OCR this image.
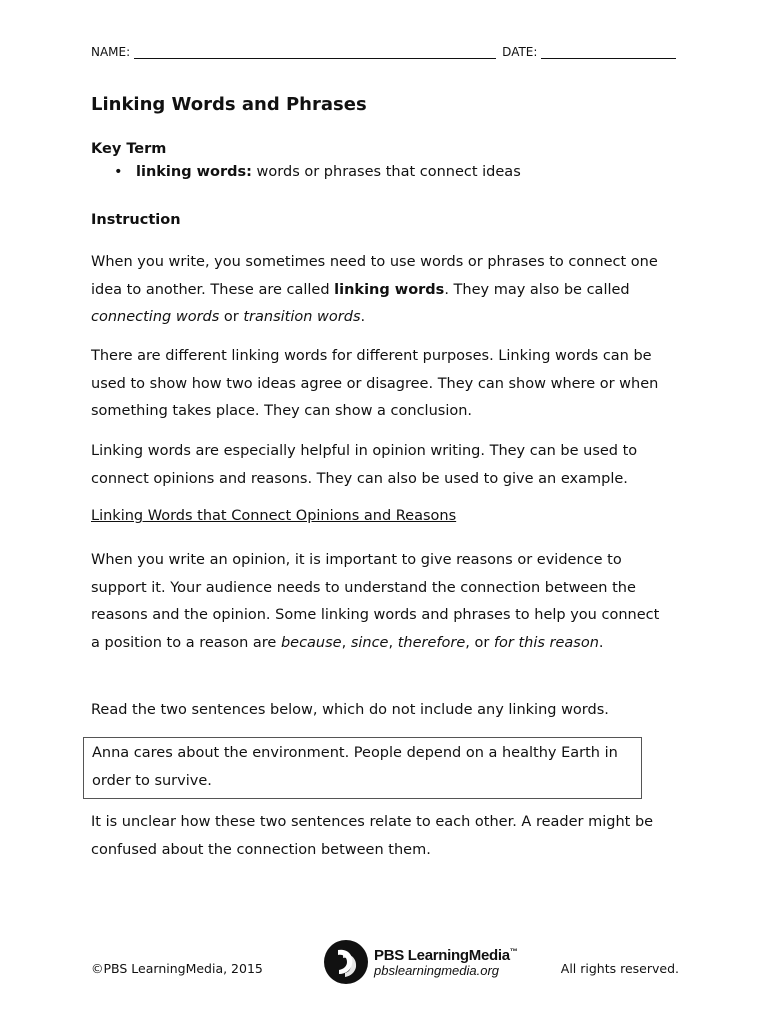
NAME:	DATE:
Linking Words and Phrases
Key Term
• linking words: words or phrases that connect ideas
Instruction

When you write, you sometimes need to use words or phrases to connect one idea to another. These are called linking words. They may also be called connecting words or transition words.

There are different linking words for different purposes. Linking words can be used to show how two ideas agree or disagree. They can show where or when something takes place. They can show a conclusion.

Linking words are especially helpful in opinion writing. They can be used to connect opinions and reasons. They can also be used to give an example.

Linking Words that Connect Opinions and Reasons

When you write an opinion, it is important to give reasons or evidence to support it. Your audience needs to understand the connection between the reasons and the opinion. Some linking words and phrases to help you connect a position to a reason are because, since, therefore, or for this reason.

Read the two sentences below, which do not include any linking words.

Anna cares about the environment. People depend on a healthy Earth in order to survive.

It is unclear how these two sentences relate to each other. A reader might be confused about the connection between them.

©PBS LearningMedia, 2015
PBS LearningMedia™
pbslearningmedia.org	All rights reserved.
